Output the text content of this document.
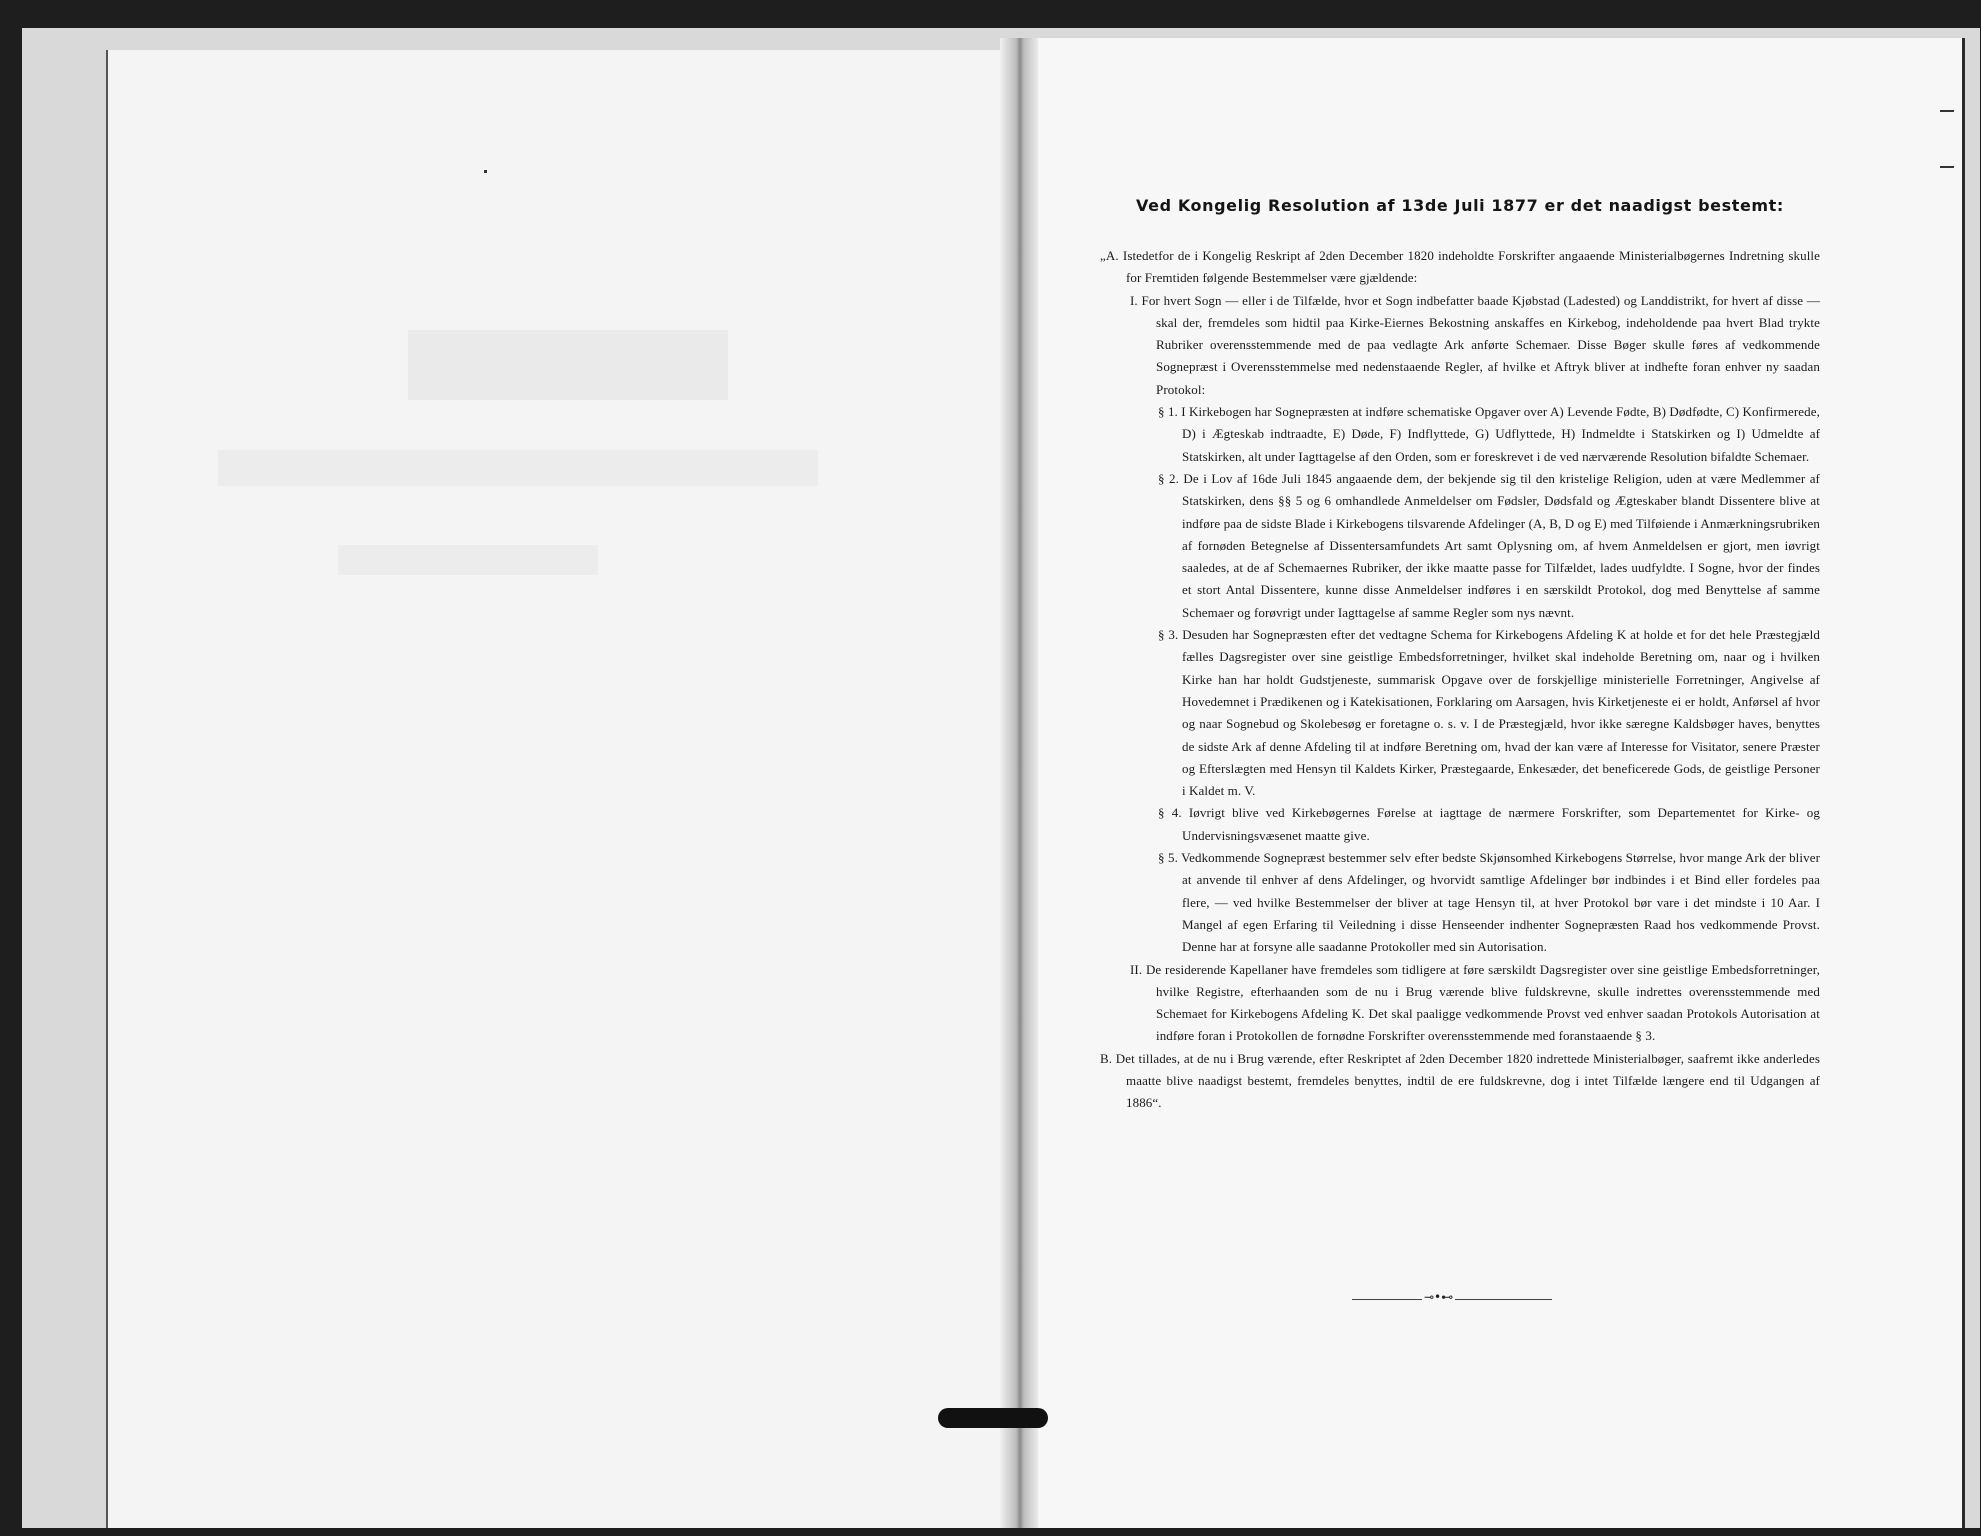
Ved Kongelig Resolution af 13de Juli 1877 er det naadigst bestemt:

„A. Istedetfor de i Kongelig Reskript af 2den December 1820 indeholdte Forskrifter angaaende Ministerialbøgernes Indretning skulle for Fremtiden følgende Bestemmelser være gjældende:

I. For hvert Sogn — eller i de Tilfælde, hvor et Sogn indbefatter baade Kjøbstad (Ladested) og Landdistrikt, for hvert af disse — skal der, fremdeles som hidtil paa Kirke-Eiernes Bekostning anskaffes en Kirkebog, indeholdende paa hvert Blad trykte Rubriker overensstemmende med de paa vedlagte Ark anførte Schemaer. Disse Bøger skulle føres af vedkommende Sognepræst i Overensstemmelse med nedenstaaende Regler, af hvilke et Aftryk bliver at indhefte foran enhver ny saadan Protokol:

§ 1. I Kirkebogen har Sognepræsten at indføre schematiske Opgaver over A) Levende Fødte, B) Dødfødte, C) Konfirmerede, D) i Ægteskab indtraadte, E) Døde, F) Indflyttede, G) Udflyttede, H) Indmeldte i Statskirken og I) Udmeldte af Statskirken, alt under Iagttagelse af den Orden, som er foreskrevet i de ved nærværende Resolution bifaldte Schemaer.

§ 2. De i Lov af 16de Juli 1845 angaaende dem, der bekjende sig til den kristelige Religion, uden at være Medlemmer af Statskirken, dens §§ 5 og 6 omhandlede Anmeldelser om Fødsler, Dødsfald og Ægteskaber blandt Dissentere blive at indføre paa de sidste Blade i Kirkebogens tilsvarende Afdelinger (A, B, D og E) med Tilføiende i Anmærkningsrubriken af fornøden Betegnelse af Dissentersamfundets Art samt Oplysning om, af hvem Anmeldelsen er gjort, men iøvrigt saaledes, at de af Schemaernes Rubriker, der ikke maatte passe for Tilfældet, lades uudfyldte. I Sogne, hvor der findes et stort Antal Dissentere, kunne disse Anmeldelser indføres i en særskildt Protokol, dog med Benyttelse af samme Schemaer og forøvrigt under Iagttagelse af samme Regler som nys nævnt.

§ 3. Desuden har Sognepræsten efter det vedtagne Schema for Kirkebogens Afdeling K at holde et for det hele Præstegjæld fælles Dagsregister over sine geistlige Embedsforretninger, hvilket skal indeholde Beretning om, naar og i hvilken Kirke han har holdt Gudstjeneste, summarisk Opgave over de forskjellige ministerielle Forretninger, Angivelse af Hovedemnet i Prædikenen og i Katekisationen, Forklaring om Aarsagen, hvis Kirketjeneste ei er holdt, Anførsel af hvor og naar Sognebud og Skolebesøg er foretagne o. s. v. I de Præstegjæld, hvor ikke særegne Kaldsbøger haves, benyttes de sidste Ark af denne Afdeling til at indføre Beretning om, hvad der kan være af Interesse for Visitator, senere Præster og Efterslægten med Hensyn til Kaldets Kirker, Præstegaarde, Enkesæder, det beneficerede Gods, de geistlige Personer i Kaldet m. V.

§ 4. Iøvrigt blive ved Kirkebøgernes Førelse at iagttage de nærmere Forskrifter, som Departementet for Kirke- og Undervisningsvæsenet maatte give.

§ 5. Vedkommende Sognepræst bestemmer selv efter bedste Skjønsomhed Kirkebogens Størrelse, hvor mange Ark der bliver at anvende til enhver af dens Afdelinger, og hvorvidt samtlige Afdelinger bør indbindes i et Bind eller fordeles paa flere, — ved hvilke Bestemmelser der bliver at tage Hensyn til, at hver Protokol bør vare i det mindste i 10 Aar. I Mangel af egen Erfaring til Veiledning i disse Henseender indhenter Sognepræsten Raad hos vedkommende Provst. Denne har at forsyne alle saadanne Protokoller med sin Autorisation.

II. De residerende Kapellaner have fremdeles som tidligere at føre særskildt Dagsregister over sine geistlige Embedsforretninger, hvilke Registre, efterhaanden som de nu i Brug værende blive fuldskrevne, skulle indrettes overensstemmende med Schemaet for Kirkebogens Afdeling K. Det skal paaligge vedkommende Provst ved enhver saadan Protokols Autorisation at indføre foran i Protokollen de fornødne Forskrifter overensstemmende med foranstaaende § 3.

B. Det tillades, at de nu i Brug værende, efter Reskriptet af 2den December 1820 indrettede Ministerialbøger, saafremt ikke anderledes maatte blive naadigst bestemt, fremdeles benyttes, indtil de ere fuldskrevne, dog i intet Tilfælde længere end til Udgangen af 1886“.

⊸•⊷
